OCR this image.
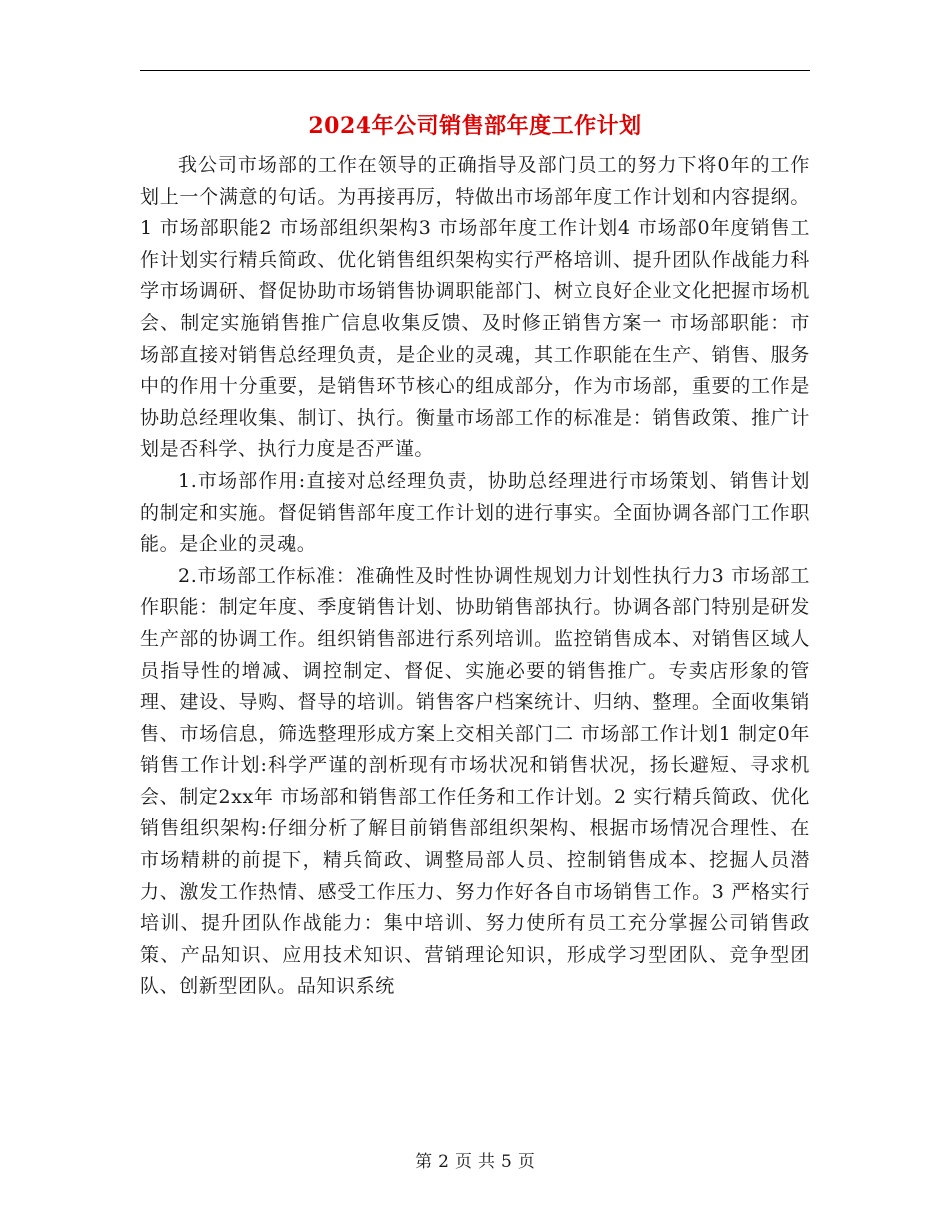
2024年公司销售部年度工作计划

我公司市场部的工作在领导的正确指导及部门员工的努力下将0年的工作划上一个满意的句话。为再接再厉，特做出市场部年度工作计划和内容提纲。1 市场部职能2 市场部组织架构3 市场部年度工作计划4 市场部0年度销售工作计划实行精兵简政、优化销售组织架构实行严格培训、提升团队作战能力科学市场调研、督促协助市场销售协调职能部门、树立良好企业文化把握市场机会、制定实施销售推广信息收集反馈、及时修正销售方案一 市场部职能：市场部直接对销售总经理负责，是企业的灵魂，其工作职能在生产、销售、服务中的作用十分重要，是销售环节核心的组成部分，作为市场部，重要的工作是协助总经理收集、制订、执行。衡量市场部工作的标准是：销售政策、推广计划是否科学、执行力度是否严谨。

1.市场部作用:直接对总经理负责，协助总经理进行市场策划、销售计划的制定和实施。督促销售部年度工作计划的进行事实。全面协调各部门工作职能。是企业的灵魂。

2.市场部工作标准：准确性及时性协调性规划力计划性执行力3 市场部工作职能：制定年度、季度销售计划、协助销售部执行。协调各部门特别是研发生产部的协调工作。组织销售部进行系列培训。监控销售成本、对销售区域人员指导性的增减、调控制定、督促、实施必要的销售推广。专卖店形象的管理、建设、导购、督导的培训。销售客户档案统计、归纳、整理。全面收集销售、市场信息，筛选整理形成方案上交相关部门二 市场部工作计划1 制定0年销售工作计划:科学严谨的剖析现有市场状况和销售状况，扬长避短、寻求机会、制定2xx年 市场部和销售部工作任务和工作计划。2 实行精兵简政、优化销售组织架构:仔细分析了解目前销售部组织架构、根据市场情况合理性、在市场精耕的前提下，精兵简政、调整局部人员、控制销售成本、挖掘人员潜力、激发工作热情、感受工作压力、努力作好各自市场销售工作。3 严格实行培训、提升团队作战能力：集中培训、努力使所有员工充分掌握公司销售政策、产品知识、应用技术知识、营销理论知识，形成学习型团队、竞争型团队、创新型团队。品知识系统

第 2 页 共 5 页
